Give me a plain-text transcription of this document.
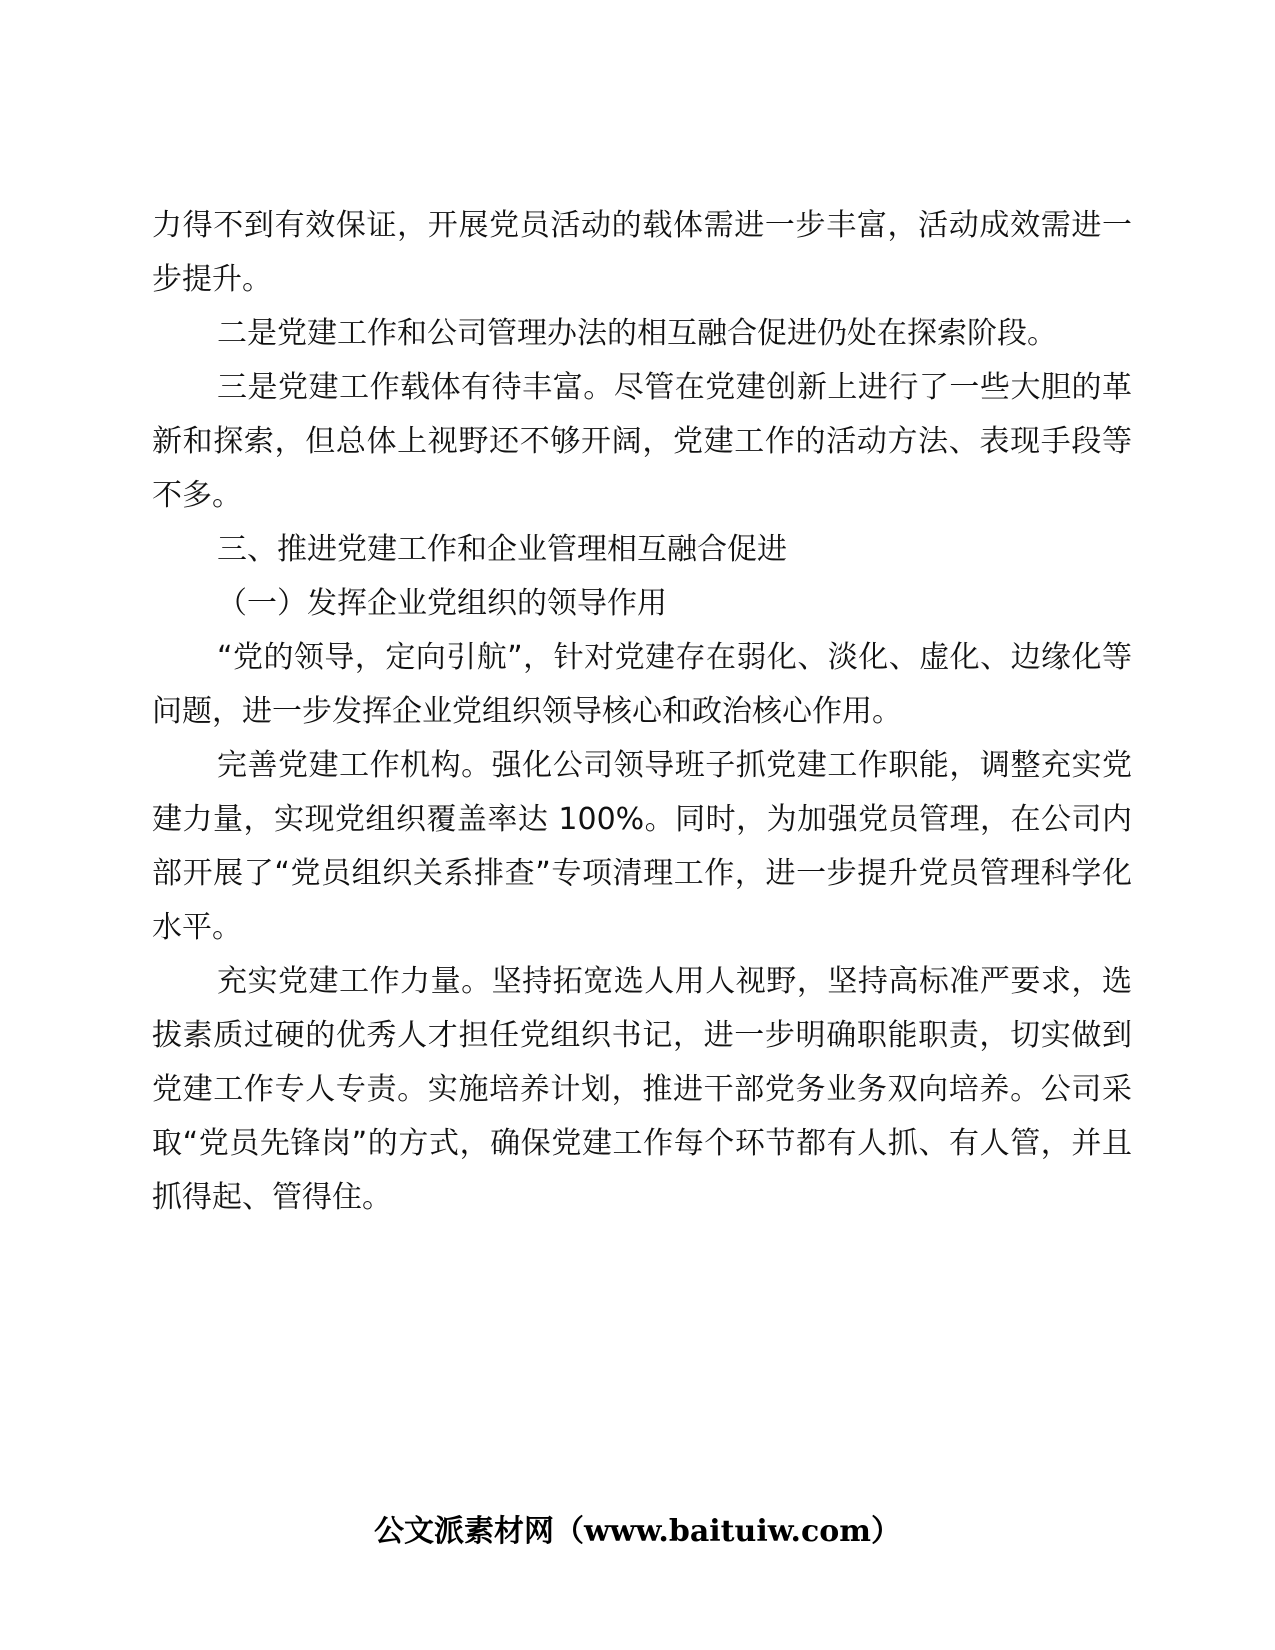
力得不到有效保证，开展党员活动的载体需进一步丰富，活动成效需进一步提升。

二是党建工作和公司管理办法的相互融合促进仍处在探索阶段。

三是党建工作载体有待丰富。尽管在党建创新上进行了一些大胆的革新和探索，但总体上视野还不够开阔，党建工作的活动方法、表现手段等不多。

三、推进党建工作和企业管理相互融合促进

（一）发挥企业党组织的领导作用

“党的领导，定向引航”，针对党建存在弱化、淡化、虚化、边缘化等问题，进一步发挥企业党组织领导核心和政治核心作用。

完善党建工作机构。强化公司领导班子抓党建工作职能，调整充实党建力量，实现党组织覆盖率达 100%。同时，为加强党员管理，在公司内部开展了“党员组织关系排查”专项清理工作，进一步提升党员管理科学化水平。

充实党建工作力量。坚持拓宽选人用人视野，坚持高标准严要求，选拔素质过硬的优秀人才担任党组织书记，进一步明确职能职责，切实做到党建工作专人专责。实施培养计划，推进干部党务业务双向培养。公司采取“党员先锋岗”的方式，确保党建工作每个环节都有人抓、有人管，并且抓得起、管得住。

公文派素材网（www.baituiw.com）
